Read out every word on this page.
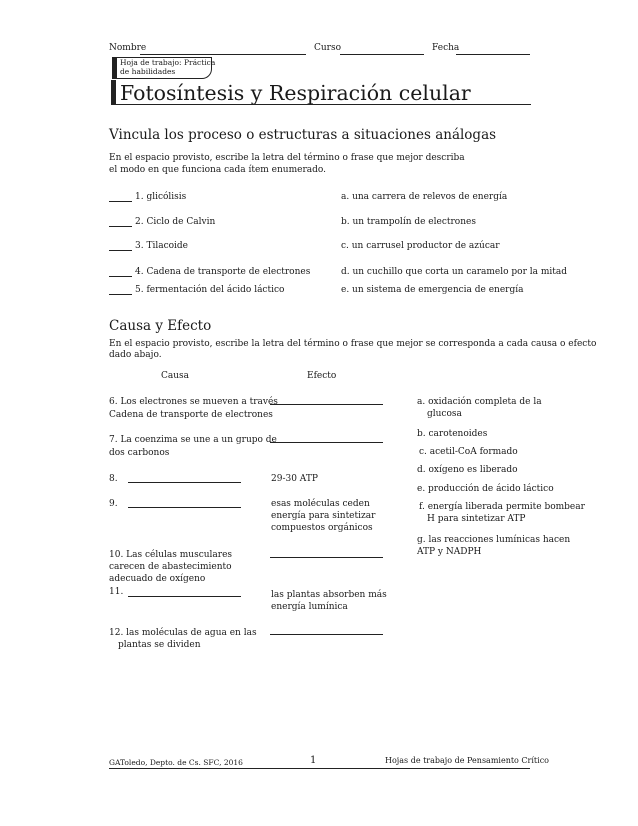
Nombre	Curso	Fecha
Hoja de trabajo: Práctica
de habilidades
Fotosíntesis y Respiración celular
Vincula los proceso o estructuras a situaciones análogas
En el espacio provisto, escribe la letra del término o frase que mejor describa
el modo en que funciona cada ítem enumerado.
1. glicólisis	a. una carrera de relevos de energía
2. Ciclo de Calvin	b. un trampolín de electrones
3. Tilacoide	c. un carrusel productor de azúcar
4. Cadena de transporte de electrones	d. un cuchillo que corta un caramelo por la mitad
5. fermentación del ácido láctico	e. un sistema de emergencia de energía
Causa y Efecto
En el espacio provisto, escribe la letra del término o frase que mejor se corresponda a cada causa o efecto
dado abajo.
Causa	Efecto
6. Los electrones se mueven a través
Cadena de transporte de electrones
7. La coenzima se une a un grupo de
dos carbonos
8.	29-30 ATP
9.	esas moléculas ceden
energía para sintetizar
compuestos orgánicos
10. Las células musculares
carecen de abastecimiento
adecuado de oxígeno
11.	las plantas absorben más
energía lumínica
12. las moléculas de agua en las
plantas se dividen
a. oxidación completa de la
glucosa
b. carotenoides
c. acetil-CoA formado
d. oxígeno es liberado
e. producción de ácido láctico
f. energía liberada permite bombear
H para sintetizar ATP
g. las reacciones lumínicas hacen
ATP y NADPH
GAToledo, Depto. de Cs. SFC, 2016	1	Hojas de trabajo de Pensamiento Crítico
